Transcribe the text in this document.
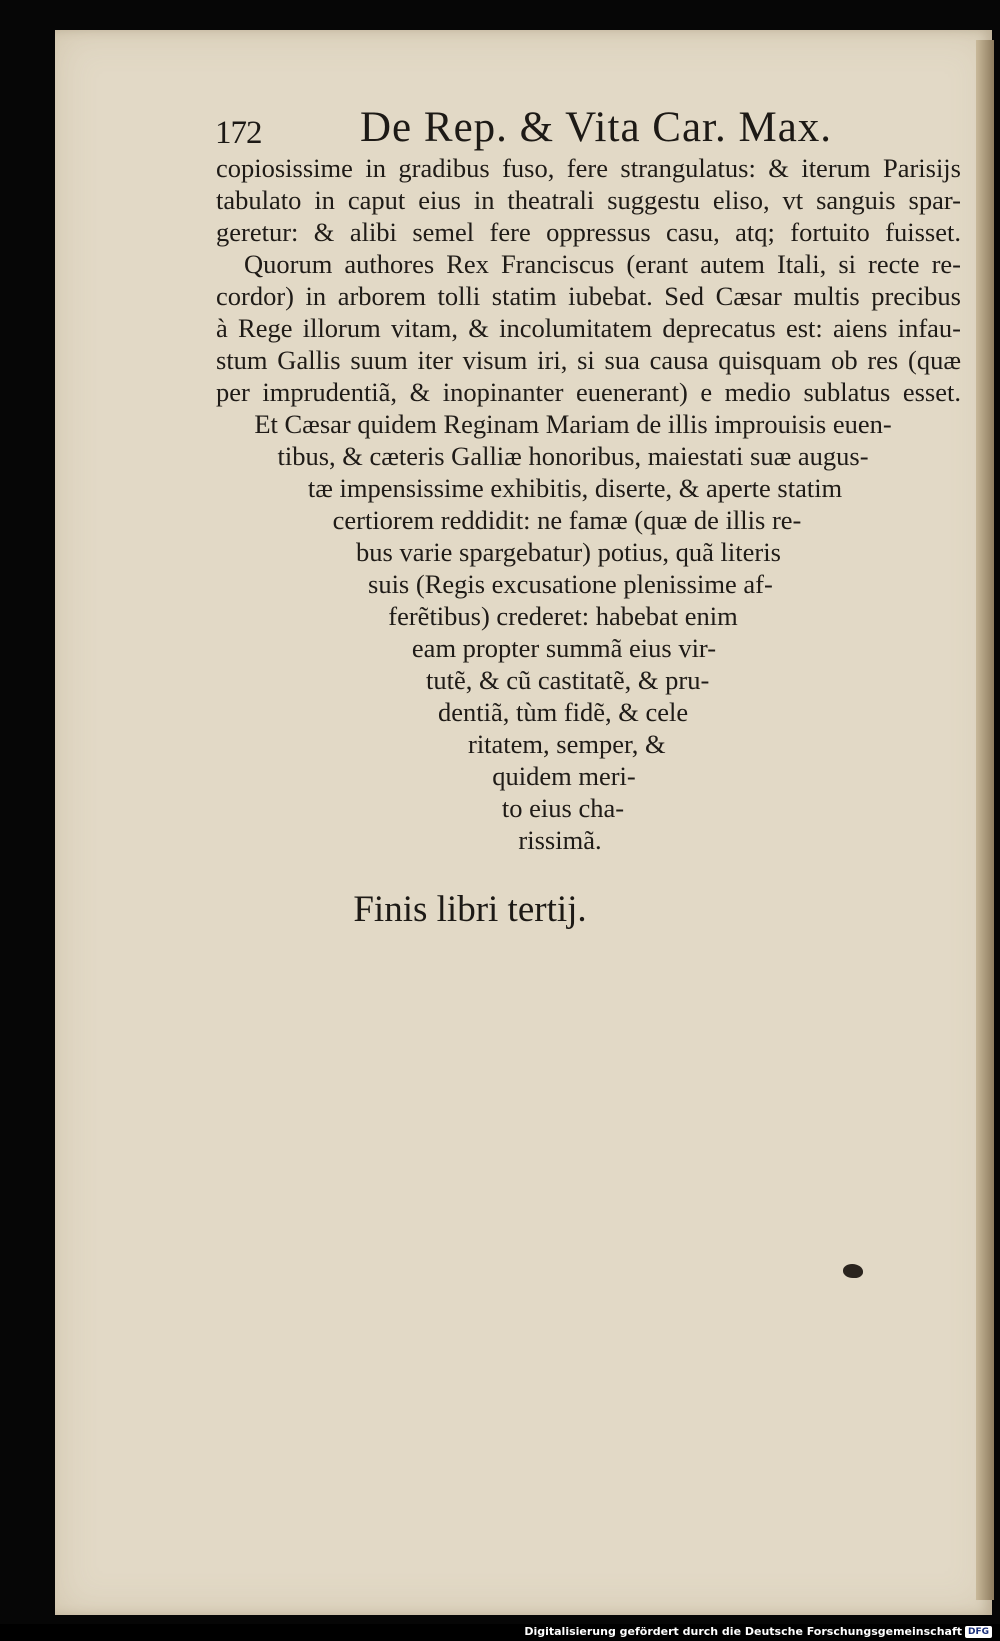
172 De Rep. & Vita Car. Max.
copiosissime in gradibus fuso, fere strangulatus: & iterum Parisijs
tabulato in caput eius in theatrali suggestu eliso, vt sanguis spar-
geretur: & alibi semel fere oppressus casu, atq; fortuito fuisset.
Quorum authores Rex Franciscus (erant autem Itali, si recte re-
cordor) in arborem tolli statim iubebat. Sed Cæsar multis precibus
à Rege illorum vitam, & incolumitatem deprecatus est: aiens infau-
stum Gallis suum iter visum iri, si sua causa quisquam ob res (quæ
per imprudentiã, & inopinanter euenerant) e medio sublatus esset.
Et Cæsar quidem Reginam Mariam de illis improuisis euen-
tibus, & cæteris Galliæ honoribus, maiestati suæ augus-
tæ impensissime exhibitis, diserte, & aperte statim
certiorem reddidit: ne famæ (quæ de illis re-
bus varie spargebatur) potius, quã literis
suis (Regis excusatione plenissime af-
ferẽtibus) crederet: habebat enim
eam propter summã eius vir-
tutẽ, & cũ castitatẽ, & pru-
dentiã, tùm fidẽ, & cele
ritatem, semper, &
quidem meri-
to eius cha-
rissimã.
Finis libri tertij.
Digitalisierung gefördert durch die Deutsche Forschungsgemeinschaft DFG
